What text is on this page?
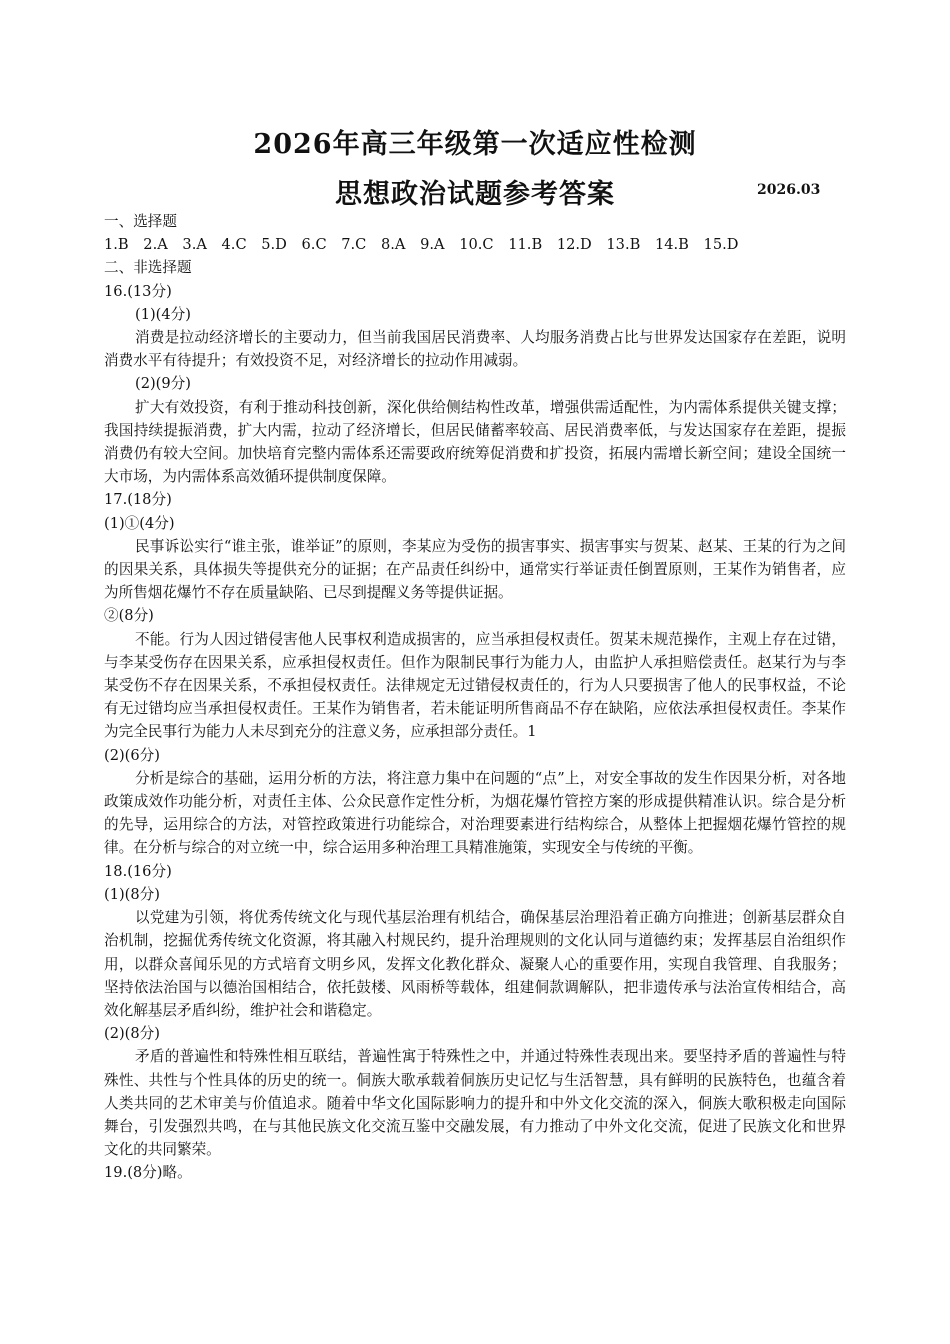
2026年高三年级第一次适应性检测
思想政治试题参考答案	2026.03
一、选择题
1.B 2.A 3.A 4.C 5.D 6.C 7.C 8.A 9.A 10.C 11.B 12.D 13.B 14.B 15.D
二、非选择题
16.(13分)
(1)(4分)
消费是拉动经济增长的主要动力，但当前我国居民消费率、人均服务消费占比与世界发达国家存在差距，说明消费水平有待提升；有效投资不足，对经济增长的拉动作用减弱。
(2)(9分)
扩大有效投资，有利于推动科技创新，深化供给侧结构性改革，增强供需适配性，为内需体系提供关键支撑；我国持续提振消费，扩大内需，拉动了经济增长，但居民储蓄率较高、居民消费率低，与发达国家存在差距，提振消费仍有较大空间。加快培育完整内需体系还需要政府统筹促消费和扩投资，拓展内需增长新空间；建设全国统一大市场，为内需体系高效循环提供制度保障。
17.(18分)
(1)①(4分)
民事诉讼实行“谁主张，谁举证”的原则，李某应为受伤的损害事实、损害事实与贺某、赵某、王某的行为之间的因果关系，具体损失等提供充分的证据；在产品责任纠纷中，通常实行举证责任倒置原则，王某作为销售者，应为所售烟花爆竹不存在质量缺陷、已尽到提醒义务等提供证据。
②(8分)
不能。行为人因过错侵害他人民事权利造成损害的，应当承担侵权责任。贺某未规范操作，主观上存在过错，与李某受伤存在因果关系，应承担侵权责任。但作为限制民事行为能力人，由监护人承担赔偿责任。赵某行为与李某受伤不存在因果关系，不承担侵权责任。法律规定无过错侵权责任的，行为人只要损害了他人的民事权益，不论有无过错均应当承担侵权责任。王某作为销售者，若未能证明所售商品不存在缺陷，应依法承担侵权责任。李某作为完全民事行为能力人未尽到充分的注意义务，应承担部分责任。1
(2)(6分)
分析是综合的基础，运用分析的方法，将注意力集中在问题的“点”上，对安全事故的发生作因果分析，对各地政策成效作功能分析，对责任主体、公众民意作定性分析，为烟花爆竹管控方案的形成提供精准认识。综合是分析的先导，运用综合的方法，对管控政策进行功能综合，对治理要素进行结构综合，从整体上把握烟花爆竹管控的规律。在分析与综合的对立统一中，综合运用多种治理工具精准施策，实现安全与传统的平衡。
18.(16分)
(1)(8分)
以党建为引领，将优秀传统文化与现代基层治理有机结合，确保基层治理沿着正确方向推进；创新基层群众自治机制，挖掘优秀传统文化资源，将其融入村规民约，提升治理规则的文化认同与道德约束；发挥基层自治组织作用，以群众喜闻乐见的方式培育文明乡风，发挥文化教化群众、凝聚人心的重要作用，实现自我管理、自我服务；坚持依法治国与以德治国相结合，依托鼓楼、风雨桥等载体，组建侗款调解队，把非遗传承与法治宣传相结合，高效化解基层矛盾纠纷，维护社会和谐稳定。
(2)(8分)
矛盾的普遍性和特殊性相互联结，普遍性寓于特殊性之中，并通过特殊性表现出来。要坚持矛盾的普遍性与特殊性、共性与个性具体的历史的统一。侗族大歌承载着侗族历史记忆与生活智慧，具有鲜明的民族特色，也蕴含着人类共同的艺术审美与价值追求。随着中华文化国际影响力的提升和中外文化交流的深入，侗族大歌积极走向国际舞台，引发强烈共鸣，在与其他民族文化交流互鉴中交融发展，有力推动了中外文化交流，促进了民族文化和世界文化的共同繁荣。
19.(8分)略。
